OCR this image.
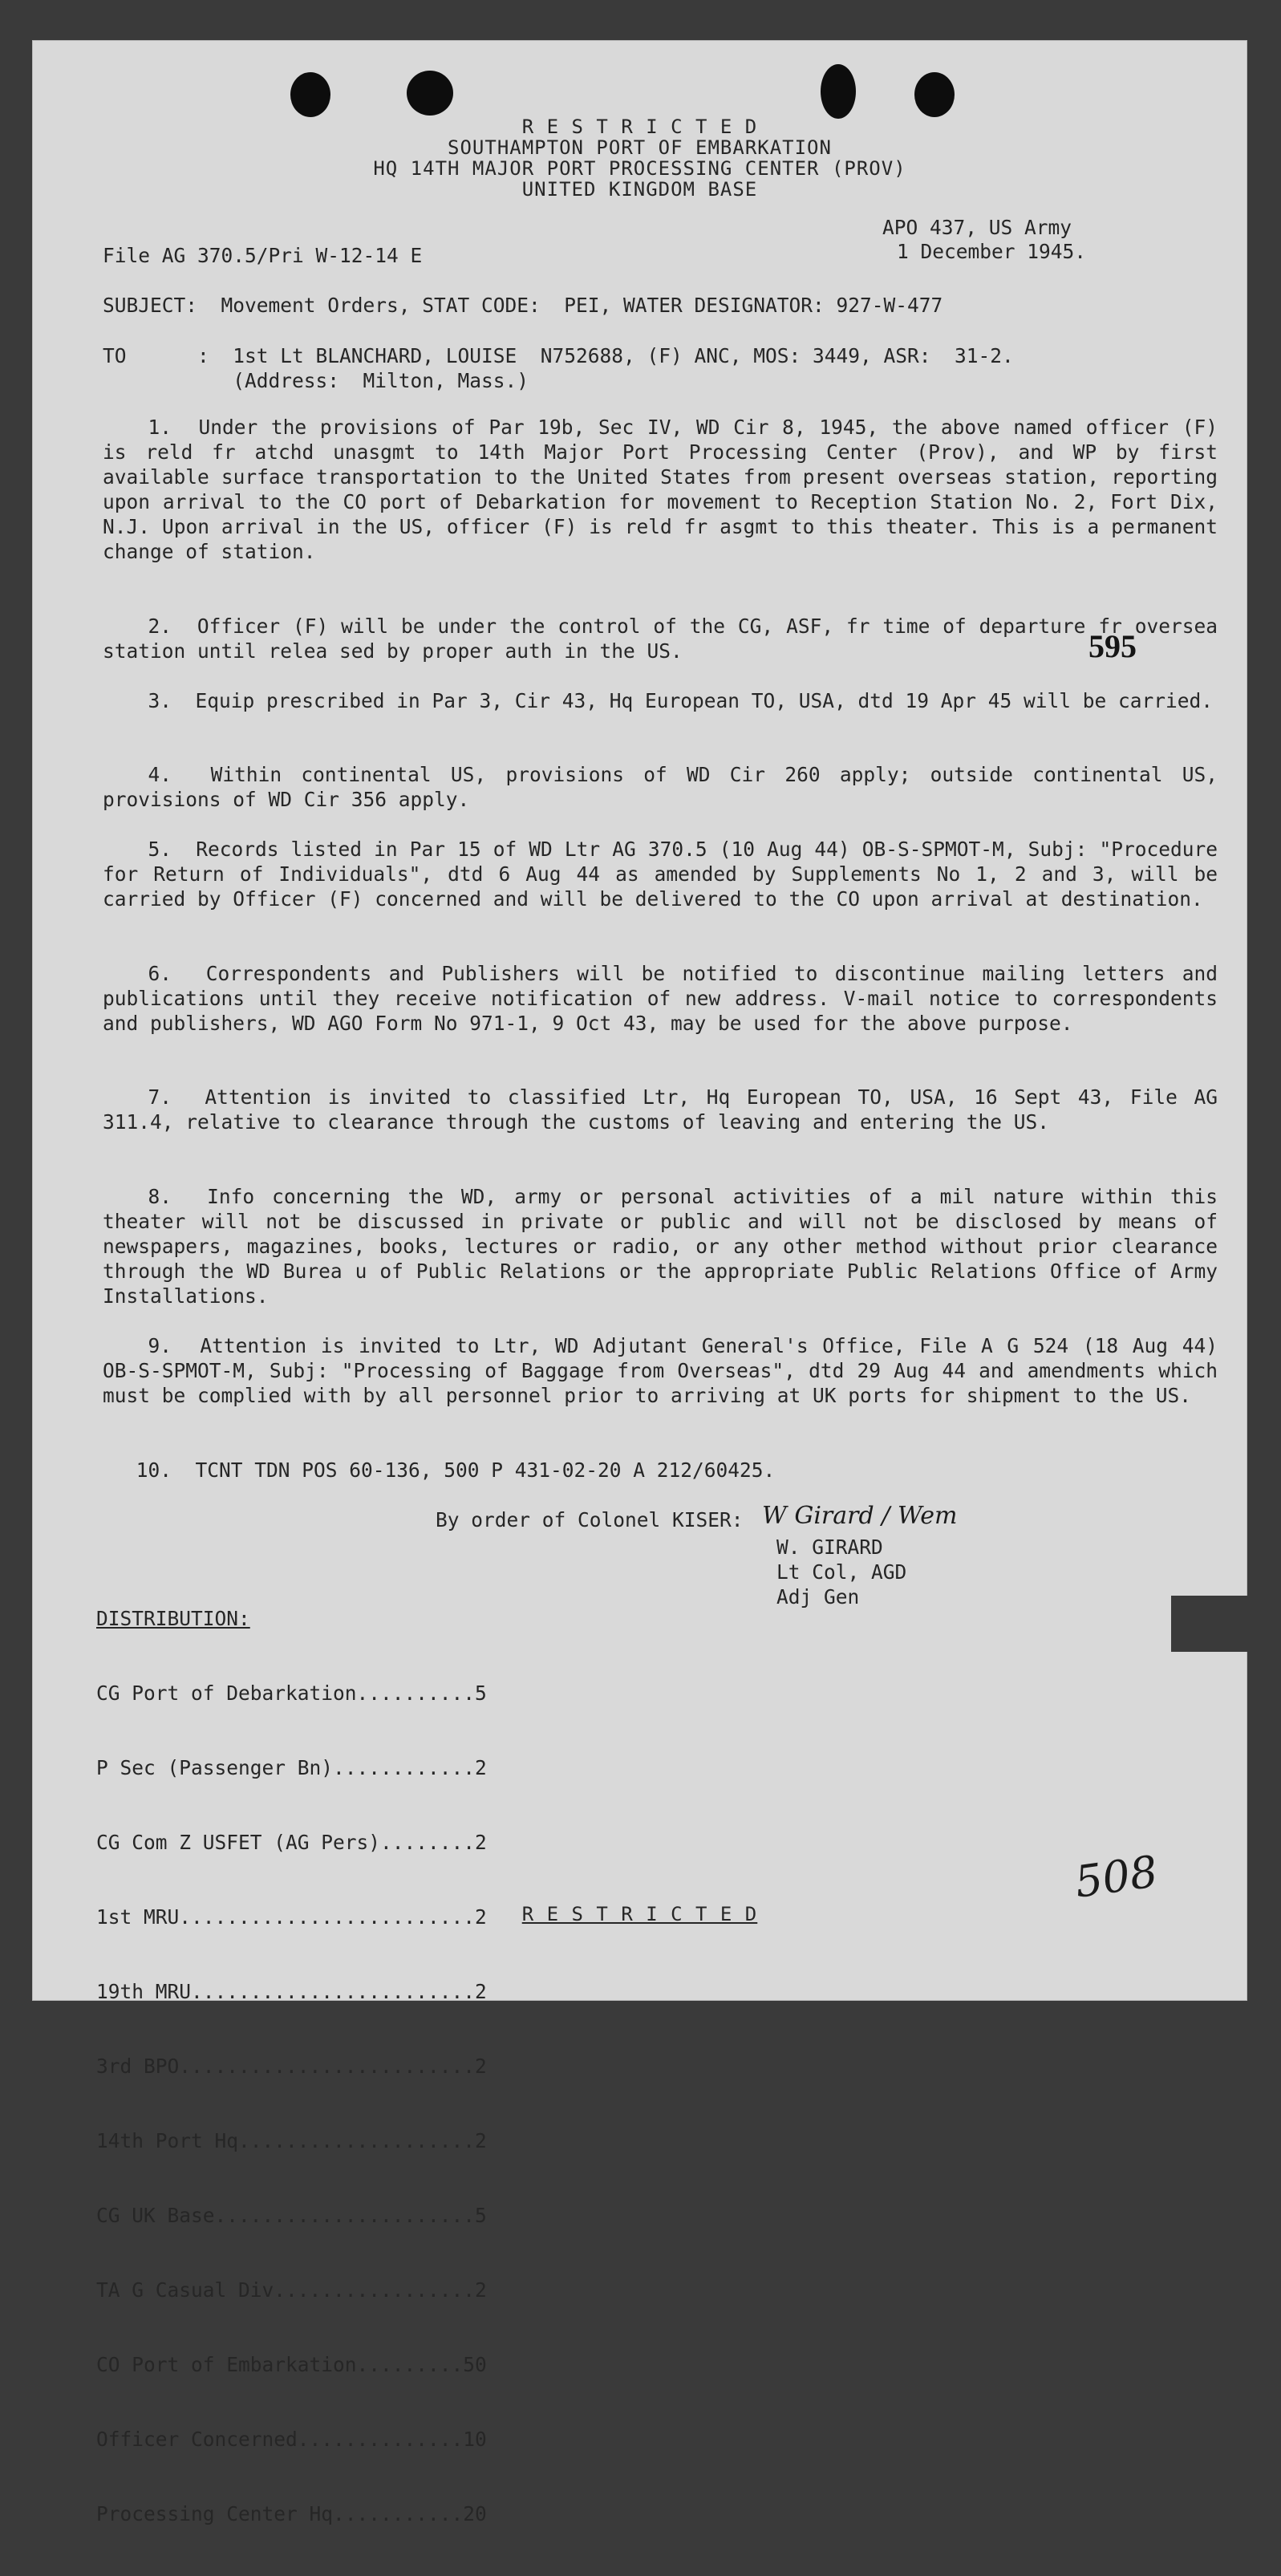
R E S T R I C T E D
SOUTHAMPTON PORT OF EMBARKATION
HQ 14TH MAJOR PORT PROCESSING CENTER (PROV)
UNITED KINGDOM BASE
APO 437, US Army
File AG 370.5/Pri W-12-14 E	1 December 1945.
SUBJECT:  Movement Orders, STAT CODE:  PEI, WATER DESIGNATOR: 927-W-477
TO      :  1st Lt BLANCHARD, LOUISE  N752688, (F) ANC, MOS: 3449, ASR:  31-2.
(Address:  Milton, Mass.)
1. Under the provisions of Par 19b, Sec IV, WD Cir 8, 1945, the above named officer (F) is reld fr atchd unasgmt to 14th Major Port Processing Center (Prov), and WP by first available surface transportation to the United States from present overseas station, reporting upon arrival to the CO port of Debarkation for movement to Reception Station No. 2, Fort Dix, N.J. Upon arrival in the US, officer (F) is reld fr asgmt to this theater. This is a permanent change of station.
2. Officer (F) will be under the control of the CG, ASF, fr time of departure fr oversea station until relea sed by proper auth in the US.	595
3. Equip prescribed in Par 3, Cir 43, Hq European TO, USA, dtd 19 Apr 45 will be carried.
4. Within continental US, provisions of WD Cir 260 apply; outside continental US, provisions of WD Cir 356 apply.
5. Records listed in Par 15 of WD Ltr AG 370.5 (10 Aug 44) OB-S-SPMOT-M, Subj: "Procedure for Return of Individuals", dtd 6 Aug 44 as amended by Supplements No 1, 2 and 3, will be carried by Officer (F) concerned and will be delivered to the CO upon arrival at destination.
6. Correspondents and Publishers will be notified to discontinue mailing letters and publications until they receive notification of new address. V-mail notice to correspondents and publishers, WD AGO Form No 971-1, 9 Oct 43, may be used for the above purpose.
7. Attention is invited to classified Ltr, Hq European TO, USA, 16 Sept 43, File AG 311.4, relative to clearance through the customs of leaving and entering the US.
8. Info concerning the WD, army or personal activities of a mil nature within this theater will not be discussed in private or public and will not be disclosed by means of newspapers, magazines, books, lectures or radio, or any other method without prior clearance through the WD Burea u of Public Relations or the appropriate Public Relations Office of Army Installations.
9. Attention is invited to Ltr, WD Adjutant General's Office, File A G 524 (18 Aug 44) OB-S-SPMOT-M, Subj: "Processing of Baggage from Overseas", dtd 29 Aug 44 and amendments which must be complied with by all personnel prior to arriving at UK ports for shipment to the US.
10. TCNT TDN POS 60-136, 500 P 431-02-20 A 212/60425.
By order of Colonel KISER: W Girard / Wem
W. GIRARD
Lt Col, AGD
Adj Gen

DISTRIBUTION:

CG Port of Debarkation..........5

P Sec (Passenger Bn)............2

CG Com Z USFET (AG Pers)........2

1st MRU.........................2

19th MRU........................2

3rd BPO.........................2

14th Port Hq....................2

CG UK Base......................5

TA G Casual Div.................2

CO Port of Embarkation.........50

Officer Concerned..............10

Processing Center Hq...........20

508
R E S T R I C T E D
